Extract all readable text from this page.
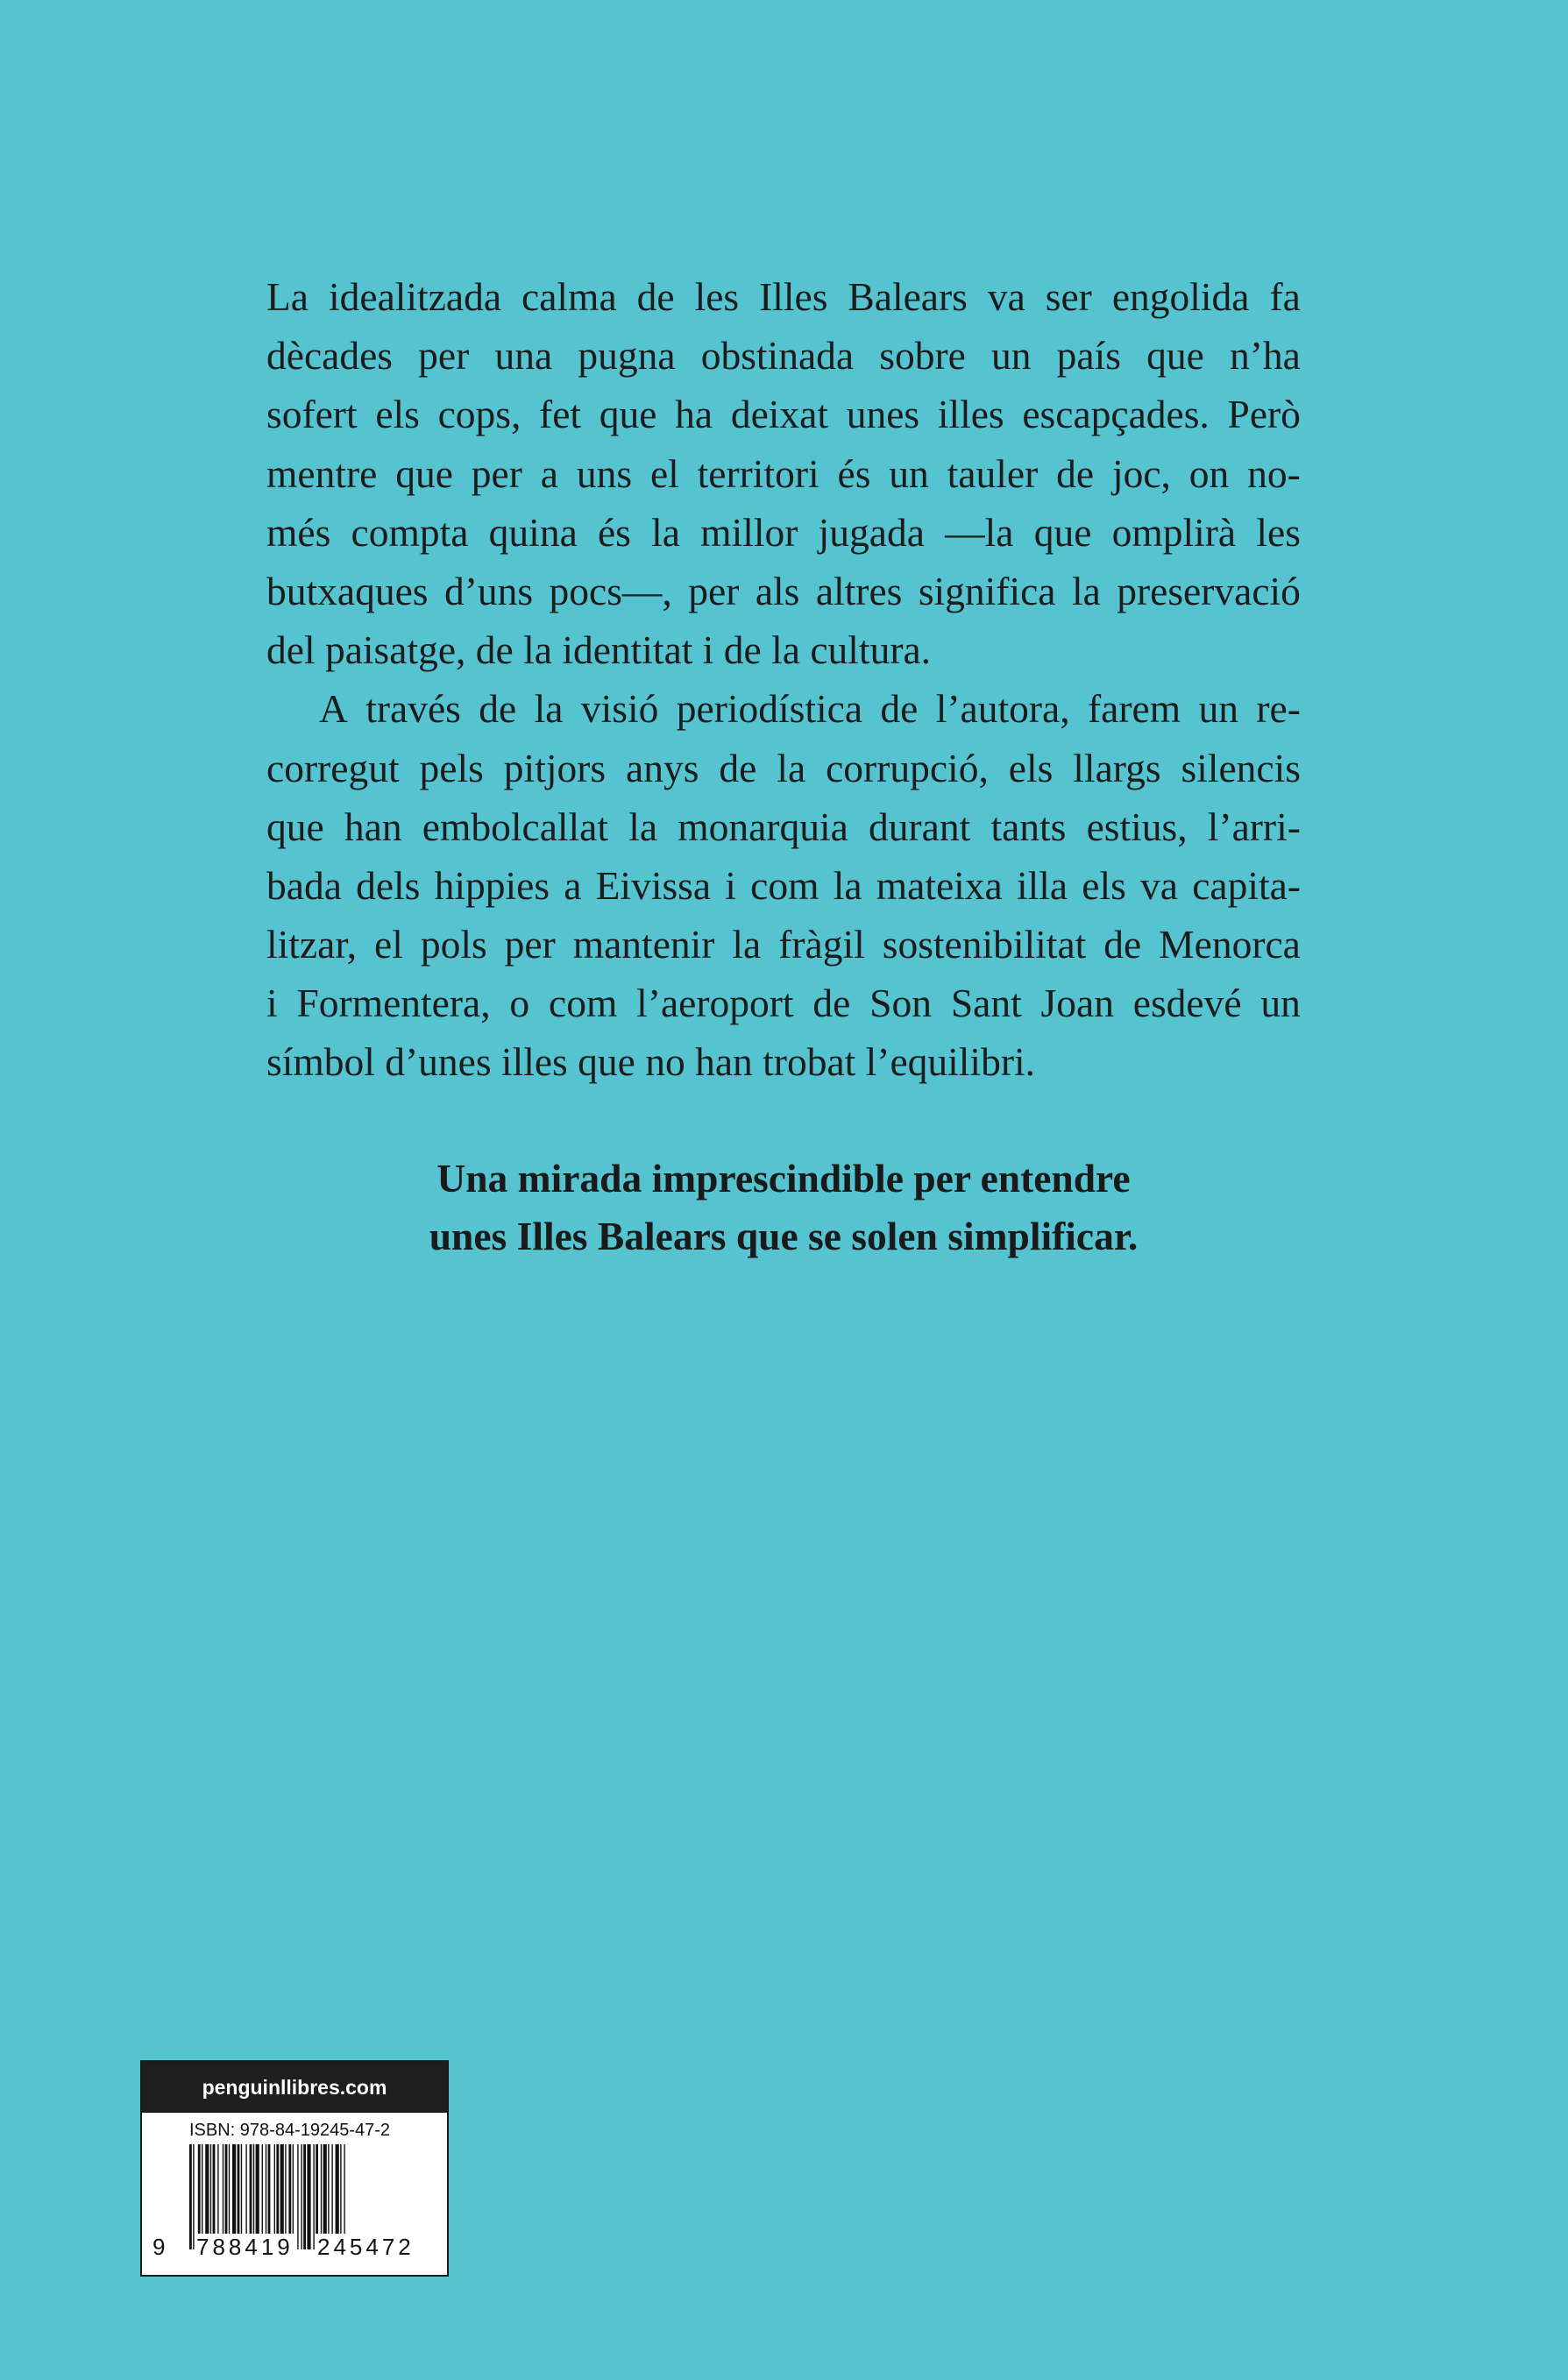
La idealitzada calma de les Illes Balears va ser engolida fa
dècades per una pugna obstinada sobre un país que n’ha
sofert els cops, fet que ha deixat unes illes escapçades. Però
mentre que per a uns el territori és un tauler de joc, on no-
més compta quina és la millor jugada —la que omplirà les
butxaques d’uns pocs—, per als altres significa la preservació
del paisatge, de la identitat i de la cultura.
A través de la visió periodística de l’autora, farem un re-
corregut pels pitjors anys de la corrupció, els llargs silencis
que han embolcallat la monarquia durant tants estius, l’arri-
bada dels hippies a Eivissa i com la mateixa illa els va capita-
litzar, el pols per mantenir la fràgil sostenibilitat de Menorca
i Formentera, o com l’aeroport de Son Sant Joan esdevé un
símbol d’unes illes que no han trobat l’equilibri.
Una mirada imprescindible per entendre
unes Illes Balears que se solen simplificar.
penguinllibres.com
ISBN: 978-84-19245-47-2
9 788419 245472
